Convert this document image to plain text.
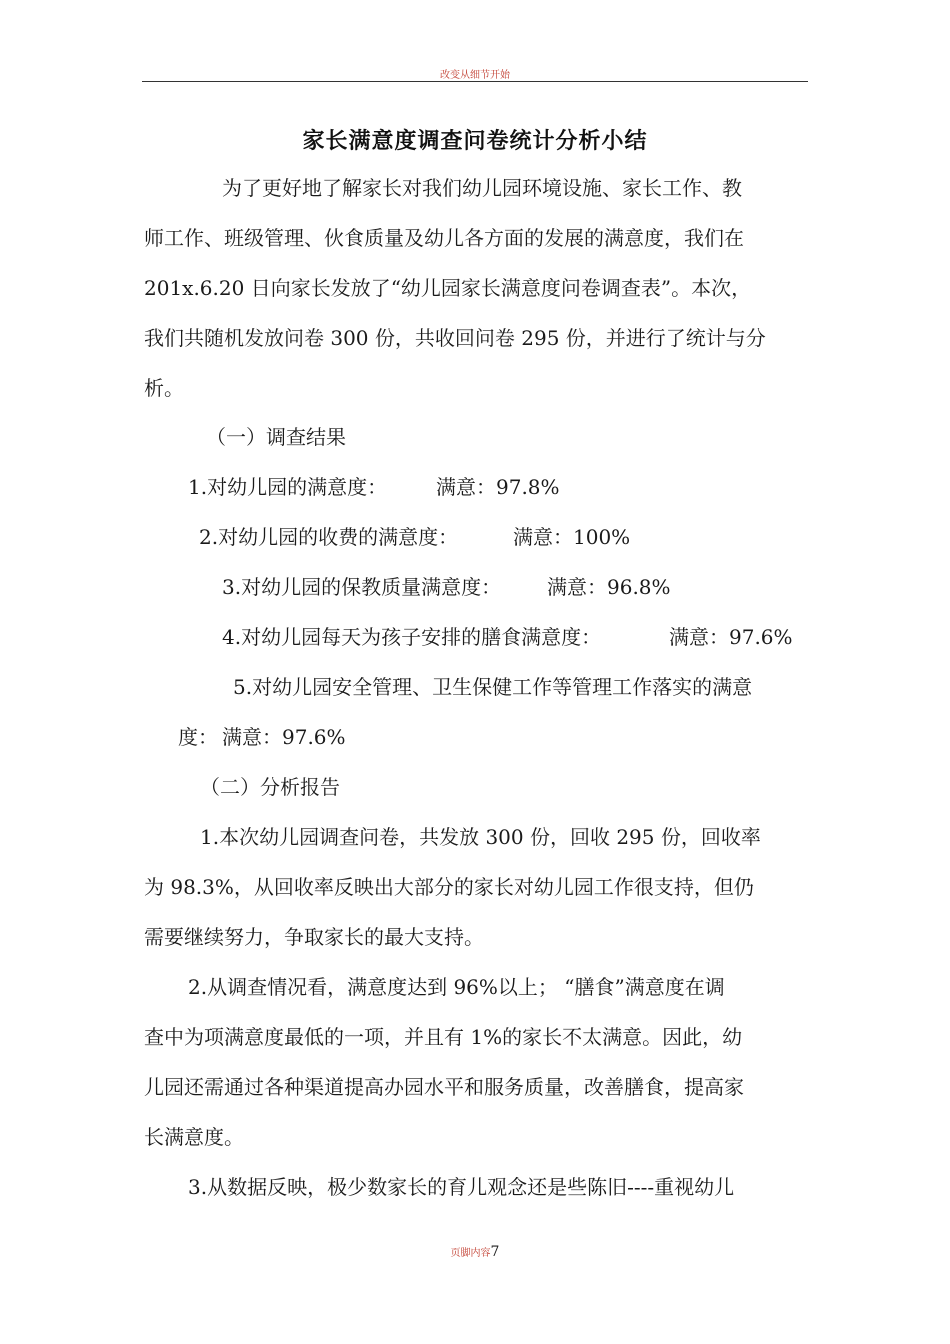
改变从细节开始
家长满意度调查问卷统计分析小结
为了更好地了解家长对我们幼儿园环境设施、家长工作、教
师工作、班级管理、伙食质量及幼儿各方面的发展的满意度，我们在
201x.6.20 日向家长发放了“幼儿园家长满意度问卷调查表”。本次，
我们共随机发放问卷 300 份，共收回问卷 295 份，并进行了统计与分
析。
（一）调查结果
1.对幼儿园的满意度： 满意：97.8%
2.对幼儿园的收费的满意度：	满意：100%
3.对幼儿园的保教质量满意度： 满意：96.8%
4.对幼儿园每天为孩子安排的膳食满意度：	满意：97.6%
5.对幼儿园安全管理、卫生保健工作等管理工作落实的满意
度： 满意：97.6%
（二）分析报告
1.本次幼儿园调查问卷，共发放 300 份，回收 295 份，回收率
为 98.3%，从回收率反映出大部分的家长对幼儿园工作很支持，但仍
需要继续努力，争取家长的最大支持。
2.从调查情况看，满意度达到 96%以上； “膳食”满意度在调
查中为项满意度最低的一项，并且有 1%的家长不太满意。因此，幼
儿园还需通过各种渠道提高办园水平和服务质量，改善膳食，提高家
长满意度。
3.从数据反映，极少数家长的育儿观念还是些陈旧----重视幼儿
页脚内容7
